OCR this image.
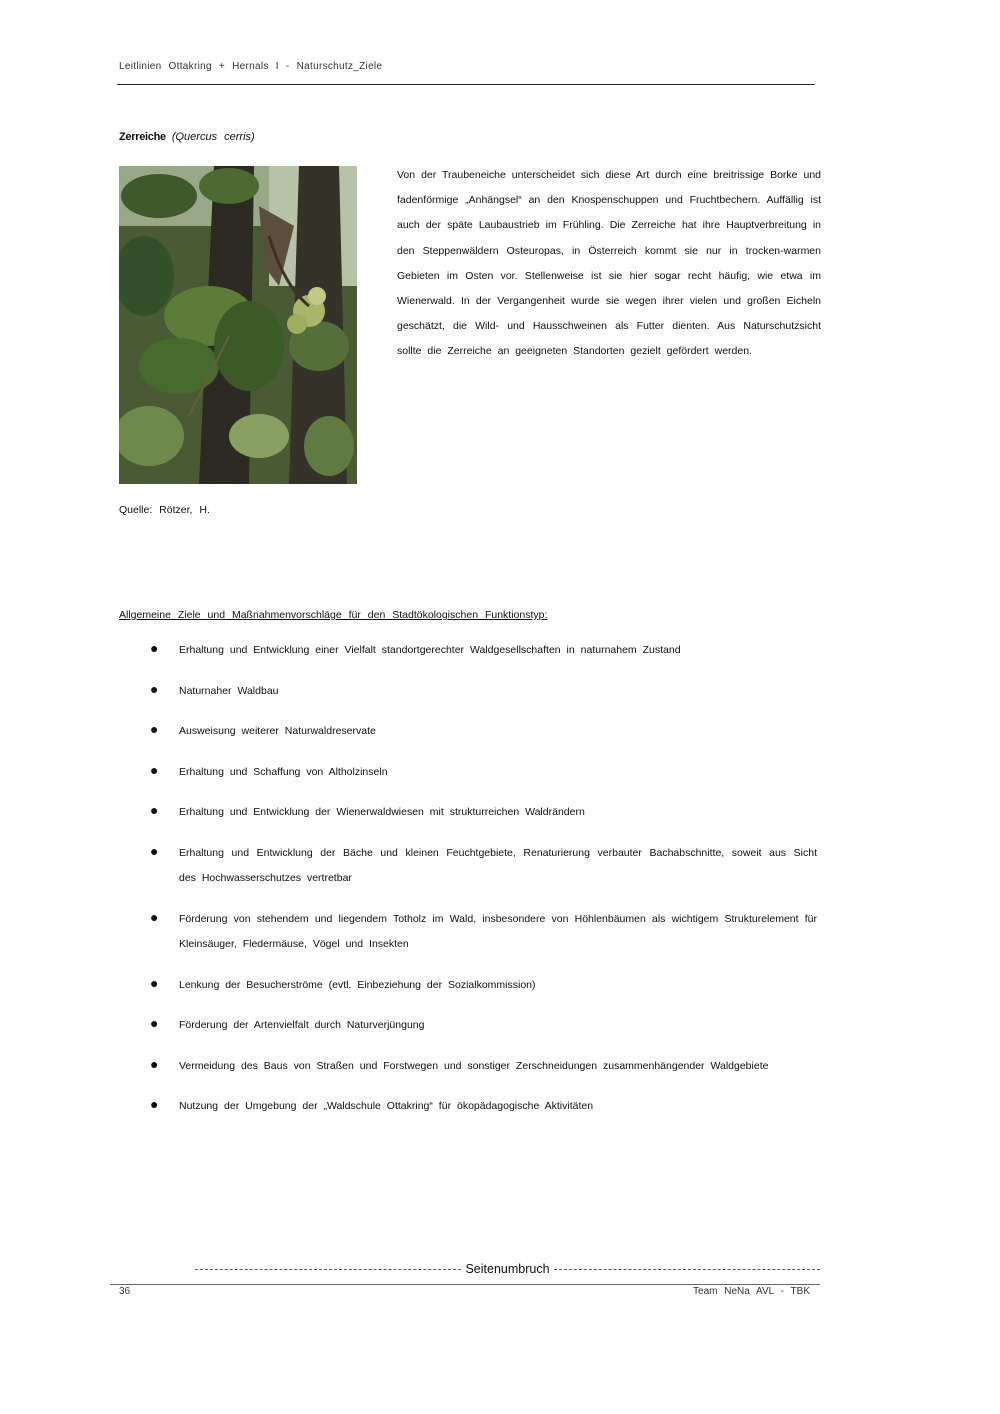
Leitlinien Ottakring + Hernals I - Naturschutz_Ziele
Zerreiche (Quercus cerris)
Von der Traubeneiche unterscheidet sich diese Art durch eine breitrissige Borke und fadenförmige „Anhängsel“ an den Knospenschuppen und Fruchtbechern. Auffällig ist auch der späte Laubaustrieb im Frühling. Die Zerreiche hat ihre Hauptverbreitung in den Steppenwäldern Osteuropas, in Österreich kommt sie nur in trocken-warmen Gebieten im Osten vor. Stellenweise ist sie hier sogar recht häufig, wie etwa im Wienerwald. In der Vergangenheit wurde sie wegen ihrer vielen und großen Eicheln geschätzt, die Wild- und Hausschweinen als Futter dienten. Aus Naturschutzsicht sollte die Zerreiche an geeigneten Standorten gezielt gefördert werden.
Quelle: Rötzer, H.
Allgemeine Ziele und Maßnahmenvorschläge für den Stadtökologischen Funktionstyp:
● Erhaltung und Entwicklung einer Vielfalt standortgerechter Waldgesellschaften in naturnahem Zustand
● Naturnaher Waldbau
● Ausweisung weiterer Naturwaldreservate
● Erhaltung und Schaffung von Altholzinseln
● Erhaltung und Entwicklung der Wienerwaldwiesen mit strukturreichen Waldrändern
● Erhaltung und Entwicklung der Bäche und kleinen Feuchtgebiete, Renaturierung verbauter Bachabschnitte, soweit aus Sicht des Hochwasserschutzes vertretbar
● Förderung von stehendem und liegendem Totholz im Wald, insbesondere von Höhlenbäumen als wichtigem Strukturelement für Kleinsäuger, Fledermäuse, Vögel und Insekten
● Lenkung der Besucherströme (evtl. Einbeziehung der Sozialkommission)
● Förderung der Artenvielfalt durch Naturverjüngung
● Vermeidung des Baus von Straßen und Forstwegen und sonstiger Zerschneidungen zusammenhängender Waldgebiete
● Nutzung der Umgebung der „Waldschule Ottakring“ für ökopädagogische Aktivitäten
Seitenumbruch
36	Team NeNa AVL - TBK
